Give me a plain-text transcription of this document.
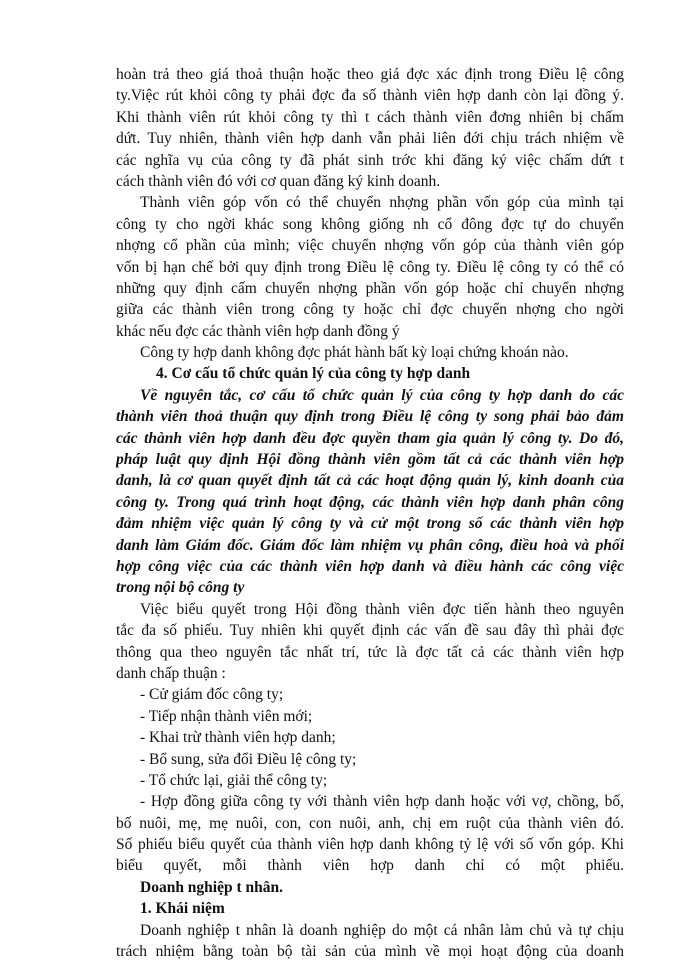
hoàn trả theo giá thoả thuận hoặc theo giá đợc xác định trong Điều lệ công
ty.Việc rút khỏi công ty phải đợc đa số thành viên hợp danh còn lại đồng ý.
Khi thành viên rút khỏi công ty thì t cách thành viên đơng nhiên bị chấm
dứt. Tuy nhiên, thành viên hợp danh vẫn phải liên đới chịu trách nhiệm về
các nghĩa vụ của công ty đã phát sinh trớc khi đăng ký việc chấm dứt t
cách thành viên đó với cơ quan đăng ký kinh doanh.
Thành viên góp vốn có thể chuyển nhợng phần vốn góp của mình tại
công ty cho ngời khác song không giống nh cổ đông đợc tự do chuyển
nhợng cổ phần của mình; việc chuyển nhợng vốn góp của thành viên góp
vốn bị hạn chế bởi quy định trong Điều lệ công ty. Điều lệ công ty có thể có
những quy định cấm chuyển nhợng phần vốn góp hoặc chỉ chuyển nhợng
giữa các thành viên trong công ty hoặc chỉ đợc chuyển nhợng cho ngời
khác nếu đợc các thành viên hợp danh đồng ý
Công ty hợp danh không đợc phát hành bất kỳ loại chứng khoán nào.
4. Cơ cấu tổ chức quản lý của công ty hợp danh
Về nguyên tắc, cơ cấu tổ chức quản lý của công ty hợp danh do các
thành viên thoả thuận quy định trong Điều lệ công ty song phải bảo đảm
các thành viên hợp danh đều đợc quyền tham gia quản lý công ty. Do đó,
pháp luật quy định Hội đồng thành viên gồm tất cả các thành viên hợp
danh, là cơ quan quyết định tất cả các hoạt động quản lý, kinh doanh của
công ty. Trong quá trình hoạt động, các thành viên hợp danh phân công
đảm nhiệm việc quản lý công ty và cử một trong số các thành viên hợp
danh làm Giám đốc. Giám đốc làm nhiệm vụ phân công, điều hoà và phối
hợp công việc của các thành viên hợp danh và điều hành các công việc
trong nội bộ công ty
Việc biểu quyết trong Hội đồng thành viên đợc tiến hành theo nguyên
tắc đa số phiếu. Tuy nhiên khi quyết định các vấn đề sau đây thì phải đợc
thông qua theo nguyên tắc nhất trí, tức là đợc tất cả các thành viên hợp
danh chấp thuận :
- Cử giám đốc công ty;
- Tiếp nhận thành viên mới;
- Khai trừ thành viên hợp danh;
- Bổ sung, sửa đổi Điều lệ công ty;
- Tổ chức lại, giải thể công ty;
- Hợp đồng giữa công ty với thành viên hợp danh hoặc với vợ, chồng, bố,
bố nuôi, mẹ, mẹ nuôi, con, con nuôi, anh, chị em ruột của thành viên đó.
Số phiếu biểu quyết của thành viên hợp danh không tỷ lệ với số vốn góp. Khi
biểu quyết, mỗi thành viên hợp danh chỉ có một phiếu.
Doanh nghiệp t nhân.
1. Khái niệm
Doanh nghiệp t nhân là doanh nghiệp do một cá nhân làm chủ và tự chịu
trách nhiệm bằng toàn bộ tài sản của mình về mọi hoạt động của doanh
